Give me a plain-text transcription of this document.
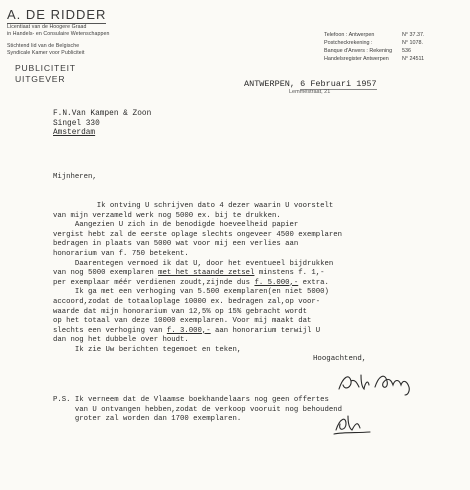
A. DE RIDDER
Licentiaat van de Hoogere Graad
in Handels- en Consulaire Wetenschappen
Stichtend lid van de Belgische
Syndicale Kamer voor Publiciteit
PUBLICITEIT
UITGEVER
Telefoon : Antwerpen	N° 37.37.
Postcheckrekening :	N° 1078.
Banque d'Anvers : Rekening	536
Handelsregister Antwerpen	N° 24511
ANTWERPEN, 6 Februari 1957
Lemméstraat, 21
F.N.Van Kampen & Zoon
Singel 330
Amsterdam

Mijnheren,

Ik ontving U schrijven dato 4 dezer waarin U voorstelt
van mijn verzameld werk nog 5000 ex. bij te drukken.
Aangezien U zich in de benodigde hoeveelheid papier
vergist hebt zal de eerste oplage slechts ongeveer 4500 exemplaren
bedragen in plaats van 5000 wat voor mij een verlies aan
honorarium van f. 750 betekent.
Daarentegen vermoed ik dat U, door het eventueel bijdrukken
van nog 5000 exemplaren met het staande zetsel minstens f. 1,-
per exemplaar méér verdienen zoudt,zijnde dus f. 5.000,- extra.
Ik ga met een verhoging van 5.500 exemplaren(en niet 5000)
accoord,zodat de totaaloplage 10000 ex. bedragen zal,op voor-
waarde dat mijn honorarium van 12,5% op 15% gebracht wordt
op het totaal van deze 10000 exemplaren. Voor mij maakt dat
slechts een verhoging van f. 3.000,- aan honorarium terwijl U
dan nog het dubbele over houdt.
Ik zie Uw berichten tegemoet en teken,
Hoogachtend,
P.S. Ik verneem dat de Vlaamse boekhandelaars nog geen offertes
van U ontvangen hebben,zodat de verkoop vooruit nog behoudend
groter zal worden dan 1700 exemplaren.
